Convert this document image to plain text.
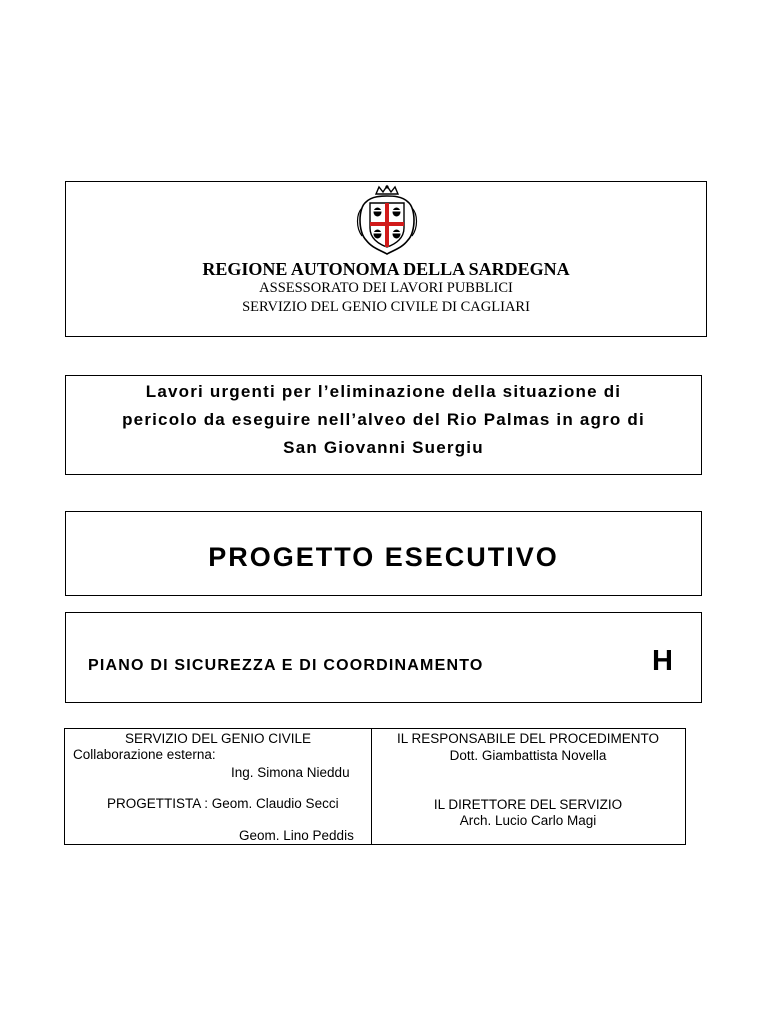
REGIONE AUTONOMA DELLA SARDEGNA
ASSESSORATO DEI LAVORI PUBBLICI
SERVIZIO DEL GENIO CIVILE DI CAGLIARI
Lavori urgenti per l’eliminazione della situazione di
pericolo da eseguire nell’alveo del Rio Palmas in agro di
San Giovanni Suergiu
PROGETTO ESECUTIVO
PIANO DI SICUREZZA E DI COORDINAMENTO	H
SERVIZIO DEL GENIO CIVILE
Collaborazione esterna:
Ing. Simona Nieddu
PROGETTISTA : Geom. Claudio Secci
Geom. Lino Peddis
IL RESPONSABILE DEL PROCEDIMENTO
Dott. Giambattista Novella
IL DIRETTORE DEL SERVIZIO
Arch. Lucio Carlo Magi
